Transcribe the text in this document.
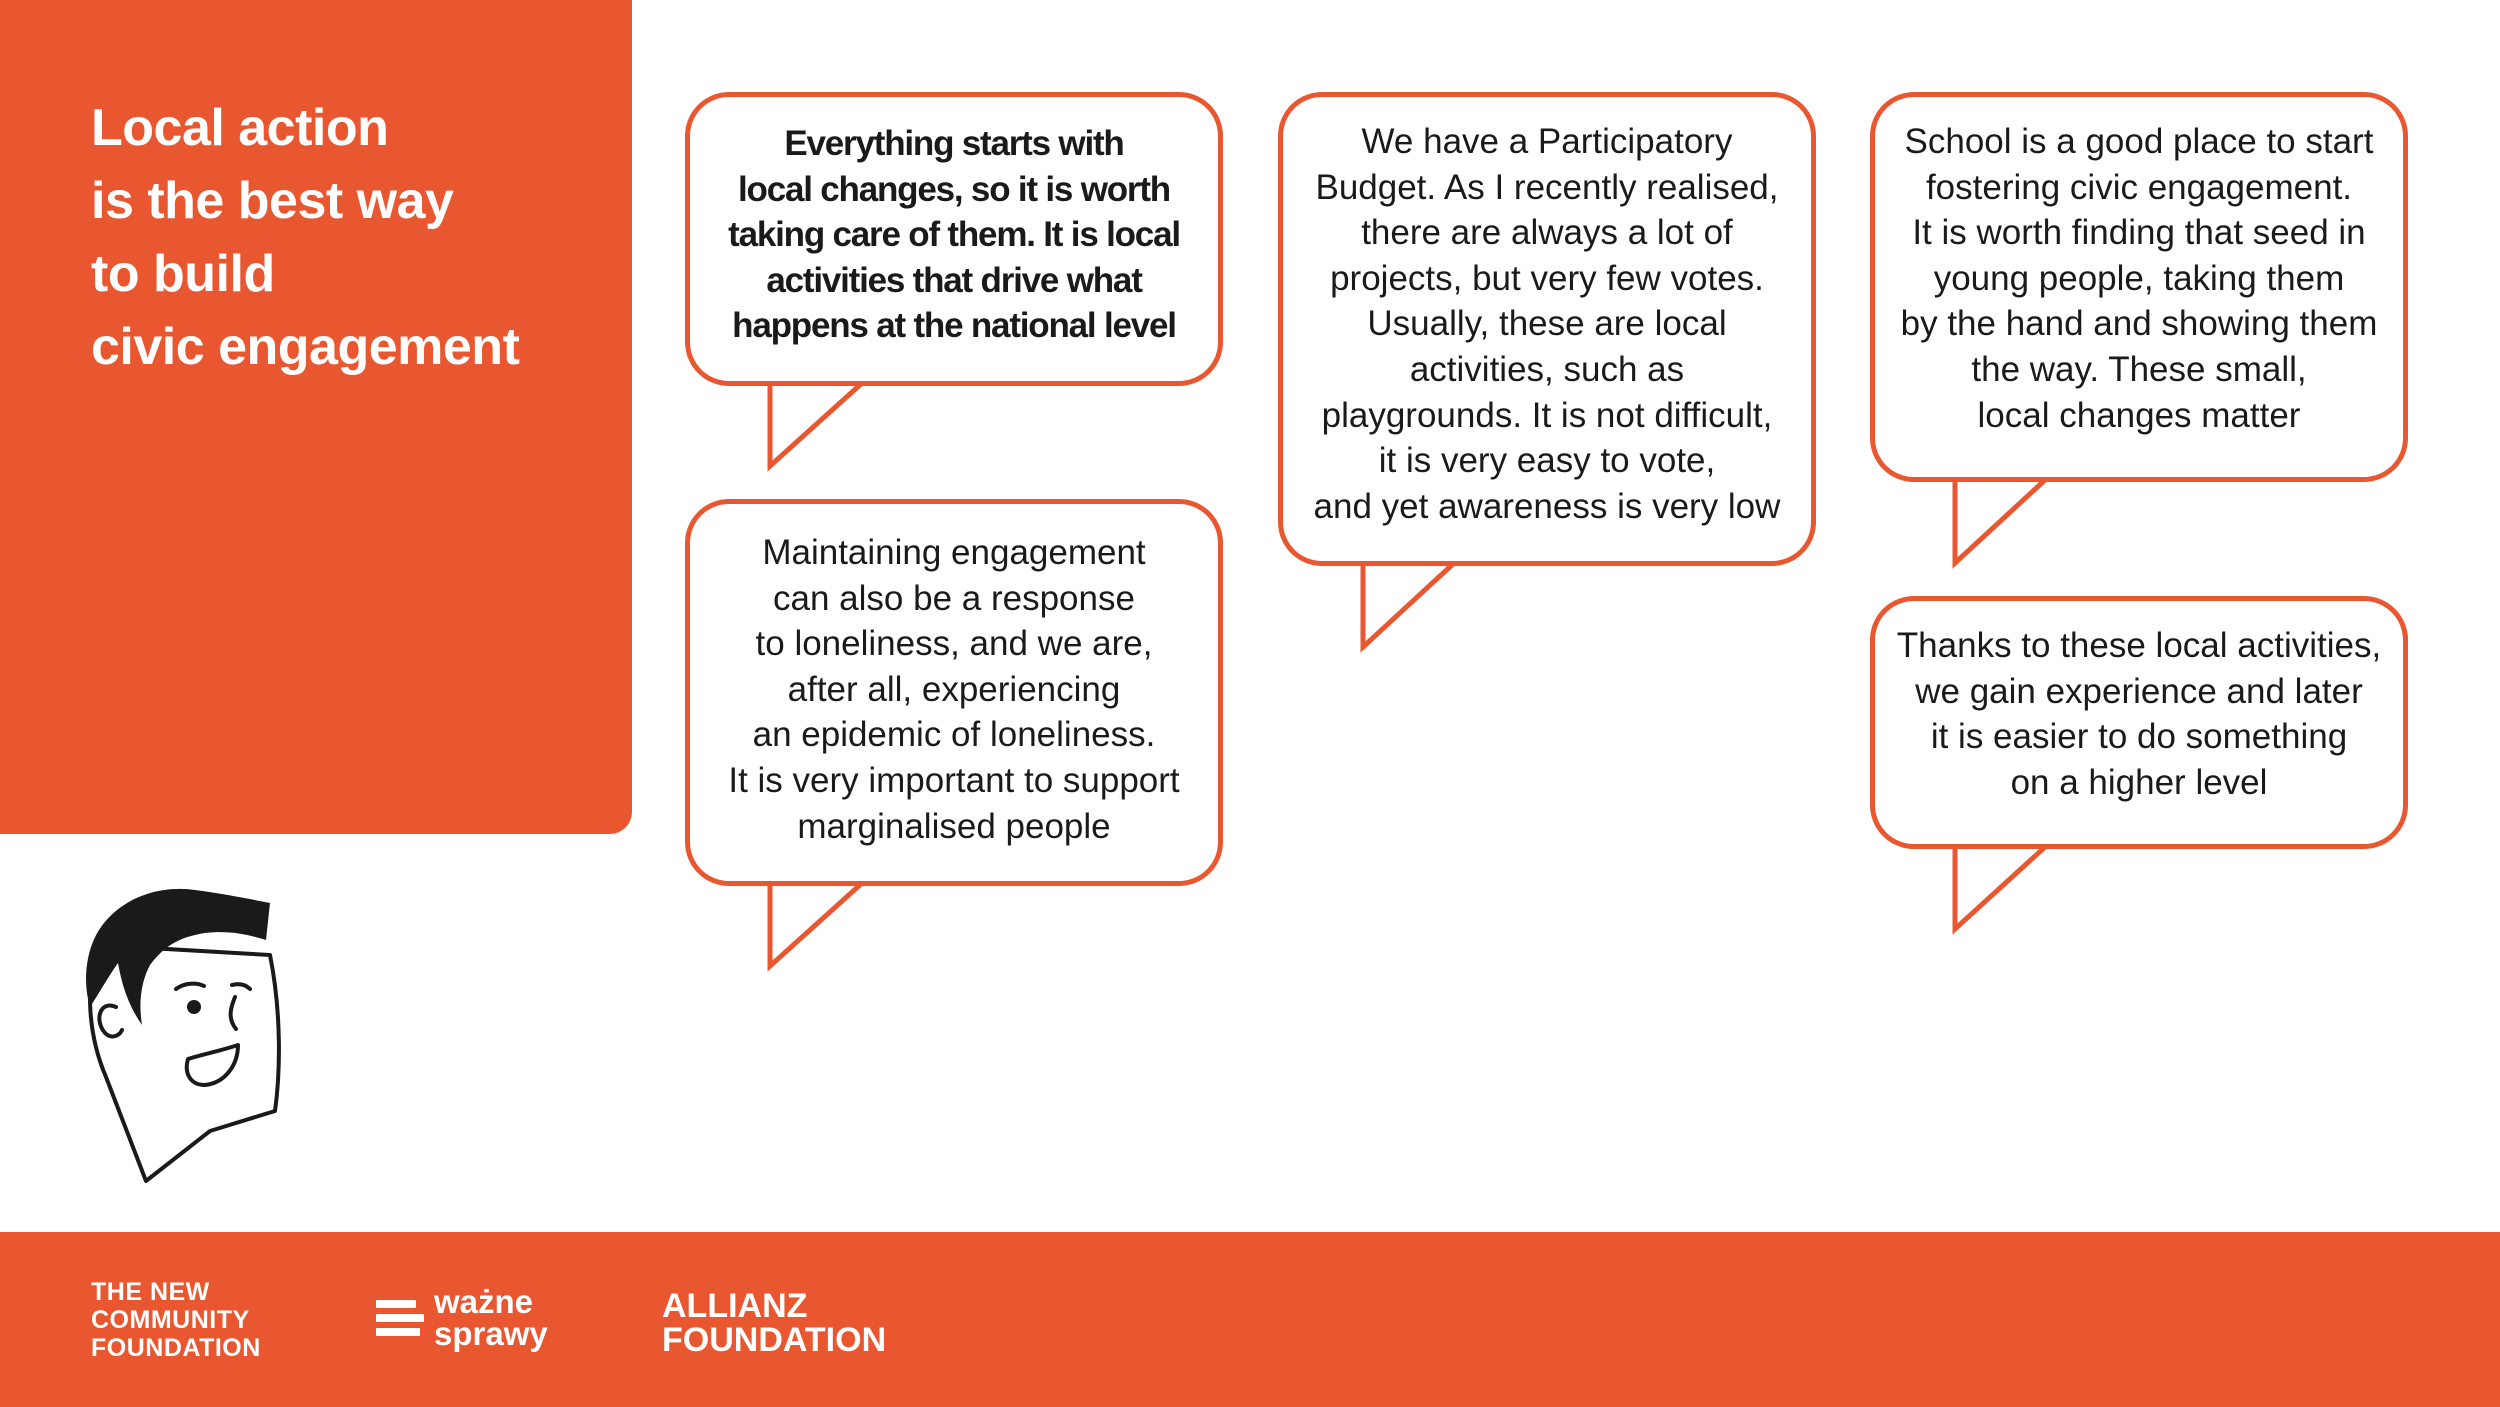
Local action
is the best way
to build
civic engagement
Everything starts with
local changes, so it is worth
taking care of them. It is local
activities that drive what
happens at the national level
Maintaining engagement
can also be a response
to loneliness, and we are,
after all, experiencing
an epidemic of loneliness.
It is very important to support
marginalised people
We have a Participatory
Budget. As I recently realised,
there are always a lot of
projects, but very few votes.
Usually, these are local
activities, such as
playgrounds. It is not difficult,
it is very easy to vote,
and yet awareness is very low
School is a good place to start
fostering civic engagement.
It is worth finding that seed in
young people, taking them
by the hand and showing them
the way. These small,
local changes matter
Thanks to these local activities,
we gain experience and later
it is easier to do something
on a higher level
THE NEW
COMMUNITY
FOUNDATION
ważne
sprawy
ALLIANZ
FOUNDATION
